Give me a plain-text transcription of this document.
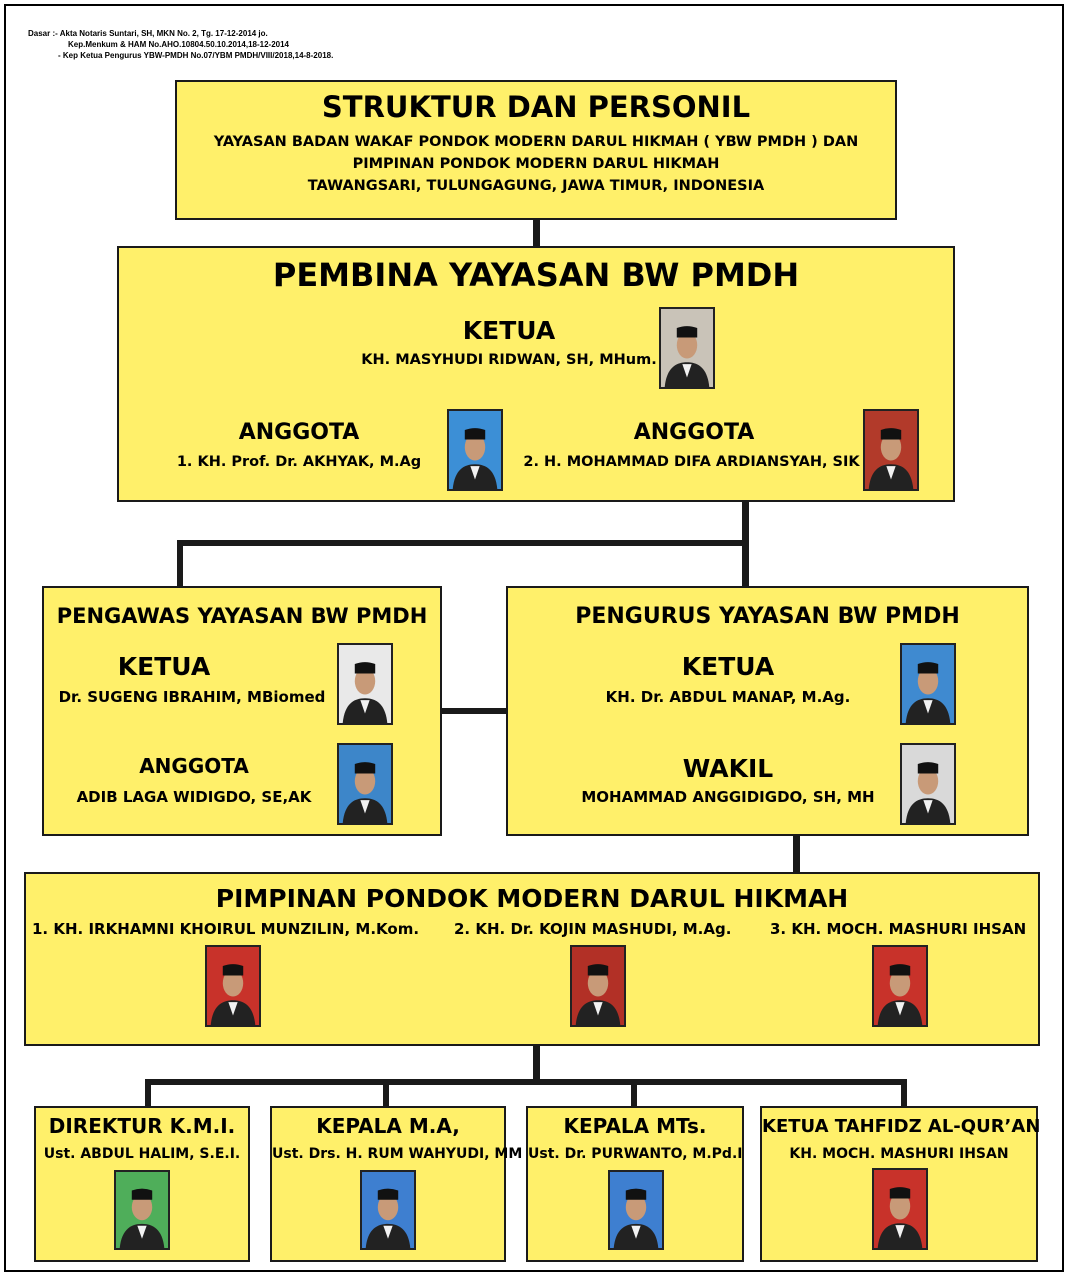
Dasar :- Akta Notaris Suntari, SH, MKN No. 2, Tg. 17-12-2014 jo.
Kep.Menkum & HAM No.AHO.10804.50.10.2014,18-12-2014
- Kep Ketua Pengurus YBW-PMDH No.07/YBM PMDH/VIII/2018,14-8-2018.
STRUKTUR DAN PERSONIL
YAYASAN BADAN WAKAF PONDOK MODERN DARUL HIKMAH ( YBW PMDH ) DAN
PIMPINAN PONDOK MODERN DARUL HIKMAH
TAWANGSARI, TULUNGAGUNG, JAWA TIMUR, INDONESIA
PEMBINA YAYASAN BW PMDH
KETUA
KH. MASYHUDI RIDWAN, SH, MHum.
ANGGOTA
1. KH. Prof. Dr. AKHYAK, M.Ag
ANGGOTA
2. H. MOHAMMAD DIFA ARDIANSYAH, SIK
PENGAWAS YAYASAN BW PMDH
KETUA
Dr. SUGENG IBRAHIM, MBiomed
ANGGOTA
ADIB LAGA WIDIGDO, SE,AK
PENGURUS YAYASAN BW PMDH
KETUA
KH. Dr. ABDUL MANAP, M.Ag.
WAKIL
MOHAMMAD ANGGIDIGDO, SH, MH
PIMPINAN PONDOK MODERN DARUL HIKMAH
1. KH. IRKHAMNI KHOIRUL MUNZILIN, M.Kom.	2. KH. Dr. KOJIN MASHUDI, M.Ag.	3. KH. MOCH. MASHURI IHSAN
DIREKTUR K.M.I.
Ust. ABDUL HALIM, S.E.I.
KEPALA M.A,
Ust. Drs. H. RUM WAHYUDI, MM
KEPALA MTs.
Ust. Dr. PURWANTO, M.Pd.I
KETUA TAHFIDZ AL-QUR’AN
KH. MOCH. MASHURI IHSAN
